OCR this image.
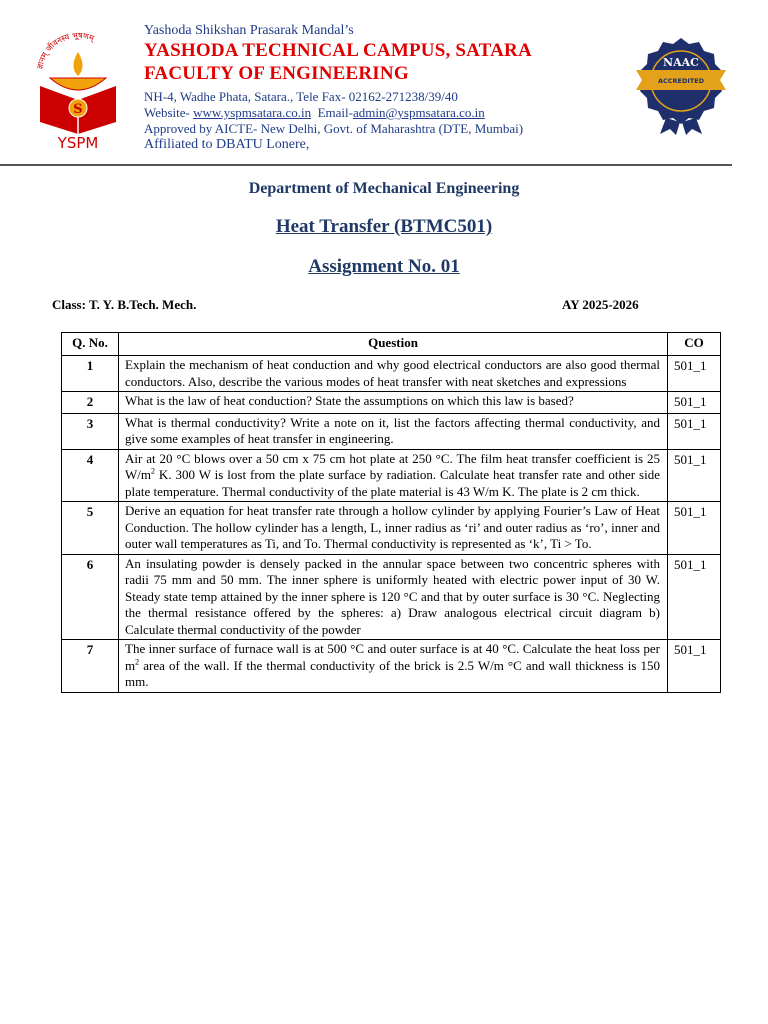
ज्ञानम् जीवनस्य भूषणम्
S
YSPM
Yashoda Shikshan Prasarak Mandal’s
YASHODA TECHNICAL CAMPUS, SATARA
FACULTY OF ENGINEERING
NH-4, Wadhe Phata, Satara., Tele Fax- 02162-271238/39/40
Website- www.yspmsatara.co.in Email-admin@yspmsatara.co.in
Approved by AICTE- New Delhi, Govt. of Maharashtra (DTE, Mumbai)
Affiliated to DBATU Lonere,
NAAC
ACCREDITED
Department of Mechanical Engineering
Heat Transfer (BTMC501)
Assignment No. 01
Class: T. Y. B.Tech. Mech.	AY 2025-2026
Q. No.	Question	CO
1	Explain the mechanism of heat conduction and why good electrical conductors are also good thermal conductors. Also, describe the various modes of heat transfer with neat sketches and expressions	501_1
2	What is the law of heat conduction? State the assumptions on which this law is based?	501_1
3	What is thermal conductivity? Write a note on it, list the factors affecting thermal conductivity, and give some examples of heat transfer in engineering.	501_1
4	Air at 20 °C blows over a 50 cm x 75 cm hot plate at 250 °C. The film heat transfer coefficient is 25 $W/m^2$ K. 300 W is lost from the plate surface by radiation. Calculate heat transfer rate and other side plate temperature. Thermal conductivity of the plate material is 43 W/m K. The plate is 2 cm thick.	501_1
5	Derive an equation for heat transfer rate through a hollow cylinder by applying Fourier’s Law of Heat Conduction. The hollow cylinder has a length, L, inner radius as ‘ri’ and outer radius as ‘ro’, inner and outer wall temperatures as Ti, and To. Thermal conductivity is represented as ‘k’, Ti > To.	501_1
6	An insulating powder is densely packed in the annular space between two concentric spheres with radii 75 mm and 50 mm. The inner sphere is uniformly heated with electric power input of 30 W. Steady state temp attained by the inner sphere is 120 °C and that by outer surface is 30 °C. Neglecting the thermal resistance offered by the spheres: a) Draw analogous electrical circuit diagram b) Calculate thermal conductivity of the powder	501_1
7	The inner surface of furnace wall is at 500 °C and outer surface is at 40 °C. Calculate the heat loss per $m^2$ area of the wall. If the thermal conductivity of the brick is 2.5 W/m °C and wall thickness is 150 mm.	501_1
